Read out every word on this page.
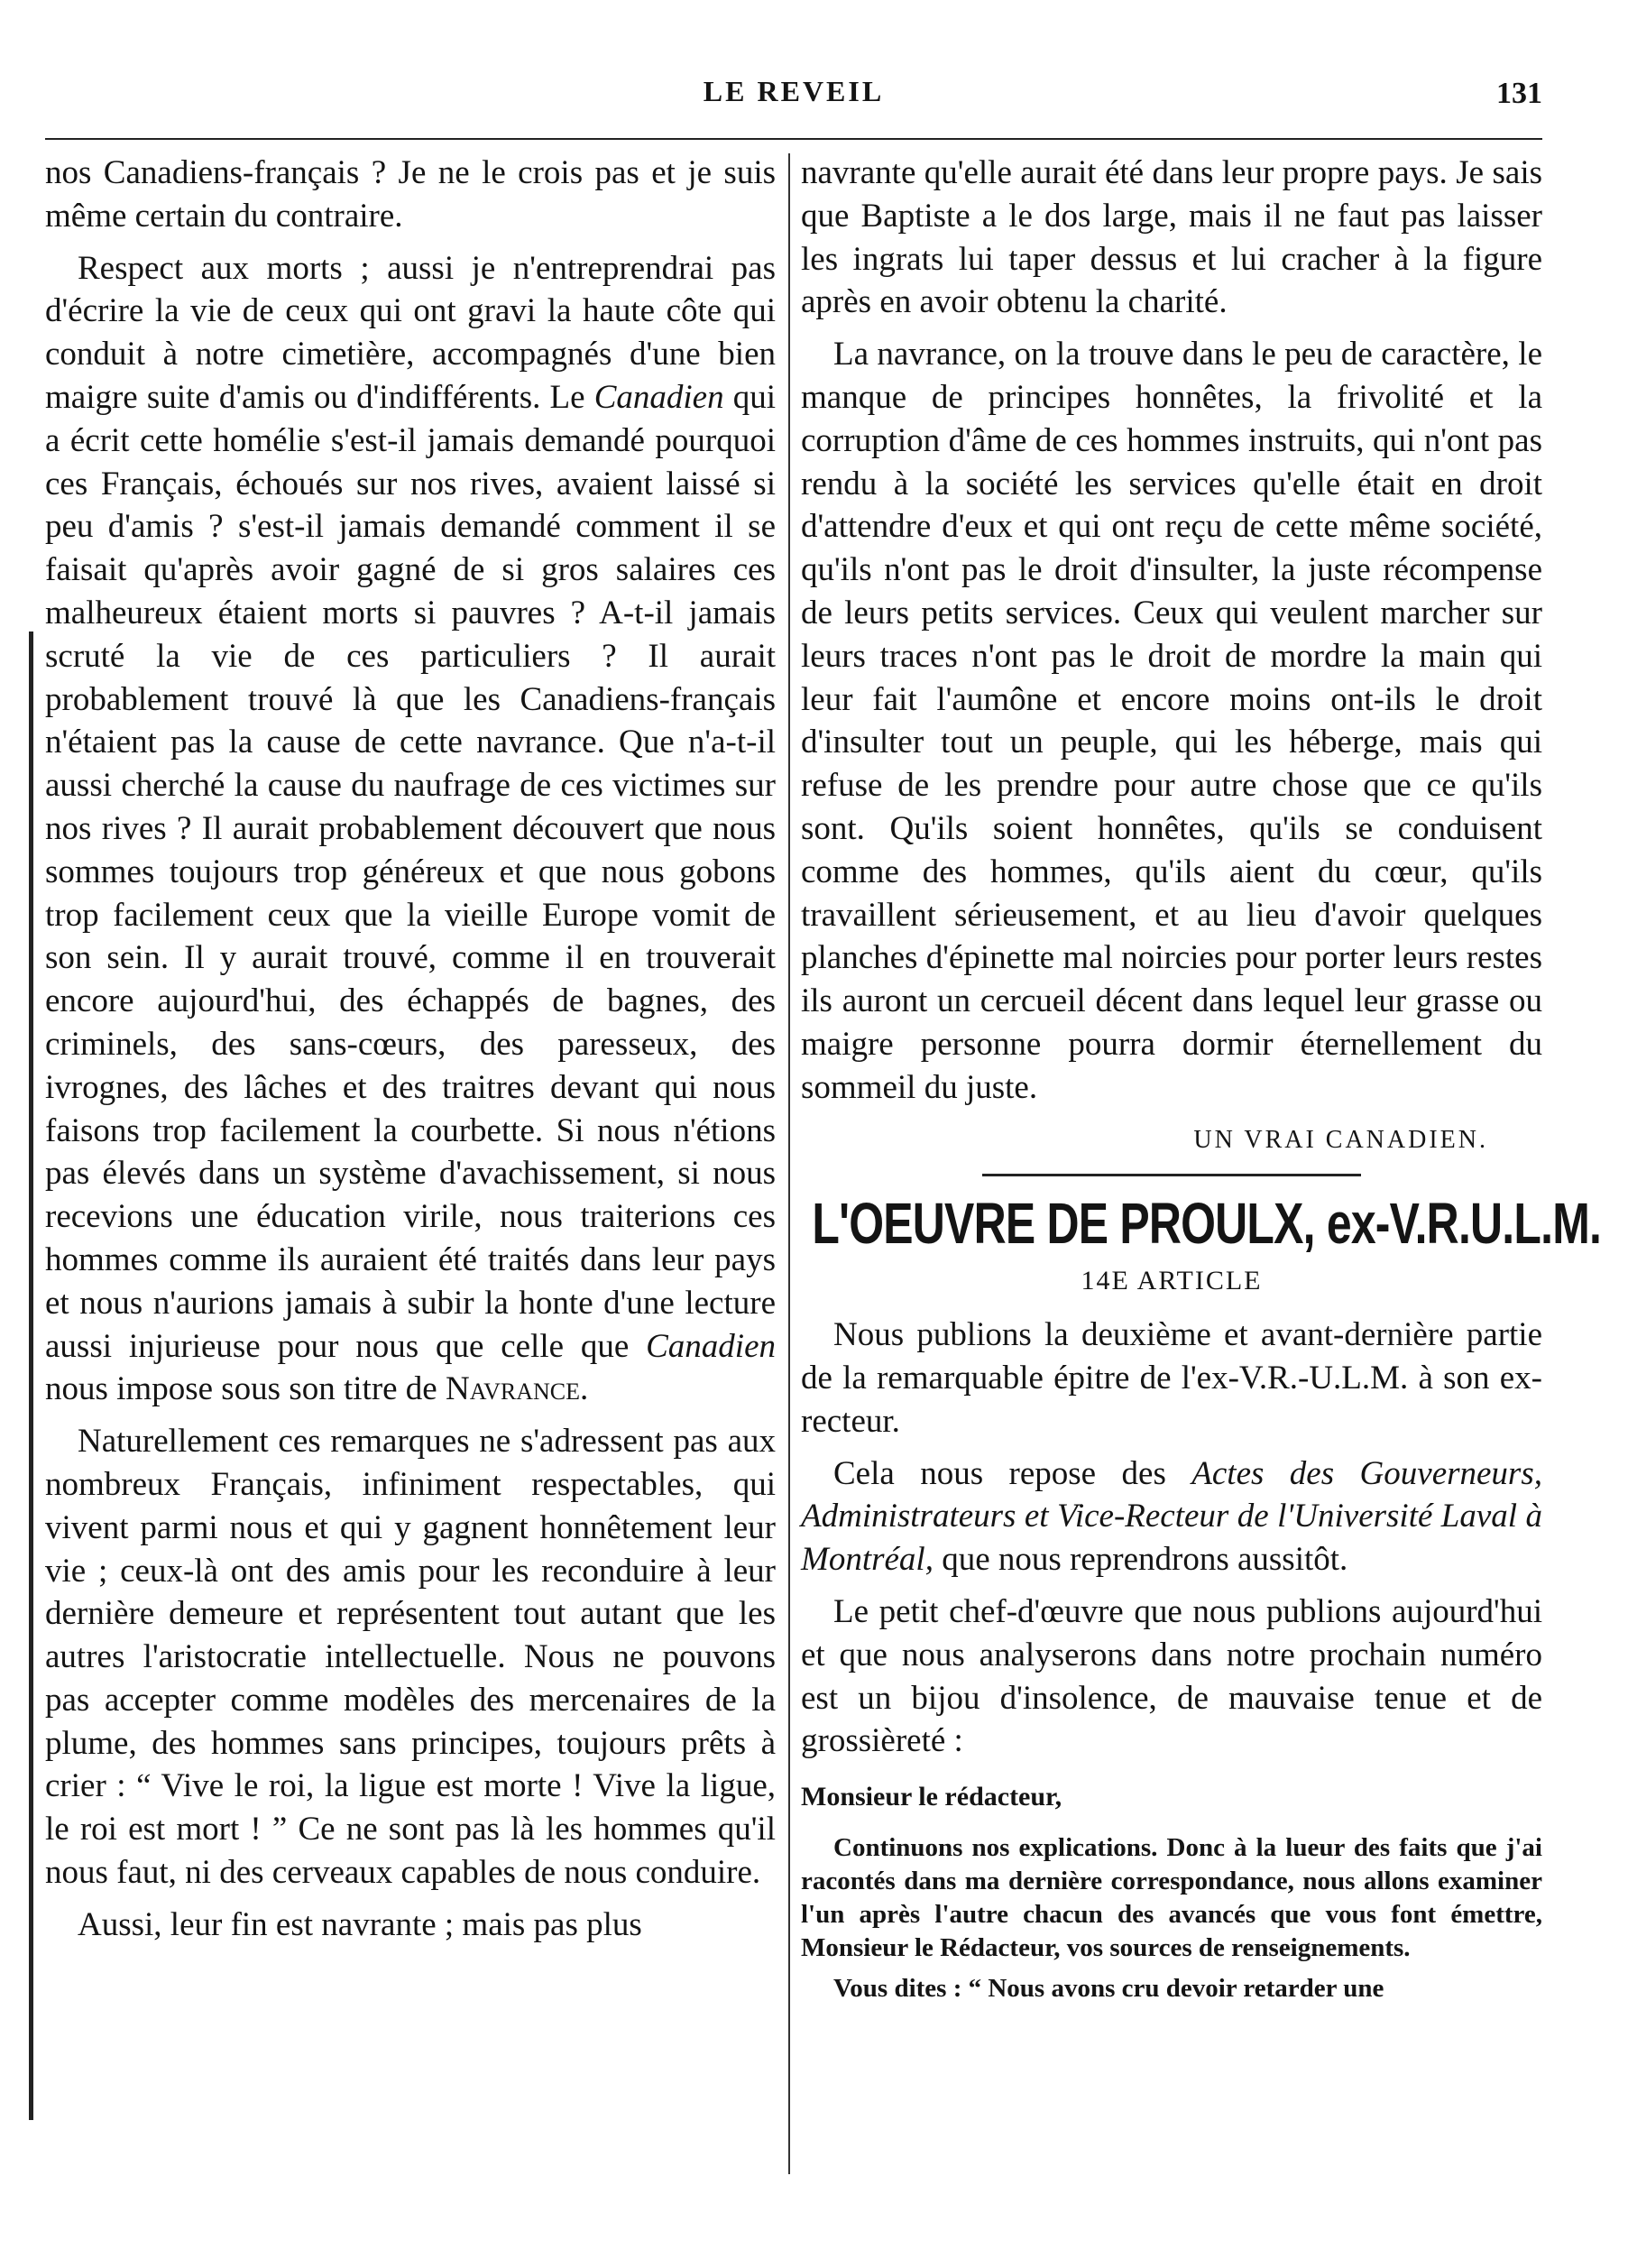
LE REVEIL	131

nos Canadiens-français ? Je ne le crois pas et je suis même certain du contraire.

Respect aux morts ; aussi je n'entreprendrai pas d'écrire la vie de ceux qui ont gravi la haute côte qui conduit à notre cimetière, accompagnés d'une bien maigre suite d'amis ou d'indifférents. Le Canadien qui a écrit cette homélie s'est-il jamais demandé pourquoi ces Français, échoués sur nos rives, avaient laissé si peu d'amis ? s'est-il jamais demandé comment il se faisait qu'après avoir gagné de si gros salaires ces malheureux étaient morts si pauvres ? A-t-il jamais scruté la vie de ces particuliers ? Il aurait probablement trouvé là que les Canadiens-français n'étaient pas la cause de cette navrance. Que n'a-t-il aussi cherché la cause du naufrage de ces victimes sur nos rives ? Il aurait probablement découvert que nous sommes toujours trop généreux et que nous gobons trop facilement ceux que la vieille Europe vomit de son sein. Il y aurait trouvé, comme il en trouverait encore aujourd'hui, des échappés de bagnes, des criminels, des sans-cœurs, des paresseux, des ivrognes, des lâches et des traitres devant qui nous faisons trop facilement la courbette. Si nous n'étions pas élevés dans un système d'avachissement, si nous recevions une éducation virile, nous traiterions ces hommes comme ils auraient été traités dans leur pays et nous n'aurions jamais à subir la honte d'une lecture aussi injurieuse pour nous que celle que Canadien nous impose sous son titre de Navrance.

Naturellement ces remarques ne s'adressent pas aux nombreux Français, infiniment respectables, qui vivent parmi nous et qui y gagnent honnêtement leur vie ; ceux-là ont des amis pour les reconduire à leur dernière demeure et représentent tout autant que les autres l'aristocratie intellectuelle. Nous ne pouvons pas accepter comme modèles des mercenaires de la plume, des hommes sans principes, toujours prêts à crier : “ Vive le roi, la ligue est morte ! Vive la ligue, le roi est mort ! ” Ce ne sont pas là les hommes qu'il nous faut, ni des cerveaux capables de nous conduire.

Aussi, leur fin est navrante ; mais pas plus

navrante qu'elle aurait été dans leur propre pays. Je sais que Baptiste a le dos large, mais il ne faut pas laisser les ingrats lui taper dessus et lui cracher à la figure après en avoir obtenu la charité.

La navrance, on la trouve dans le peu de caractère, le manque de principes honnêtes, la frivolité et la corruption d'âme de ces hommes instruits, qui n'ont pas rendu à la société les services qu'elle était en droit d'attendre d'eux et qui ont reçu de cette même société, qu'ils n'ont pas le droit d'insulter, la juste récompense de leurs petits services. Ceux qui veulent marcher sur leurs traces n'ont pas le droit de mordre la main qui leur fait l'aumône et encore moins ont-ils le droit d'insulter tout un peuple, qui les héberge, mais qui refuse de les prendre pour autre chose que ce qu'ils sont. Qu'ils soient honnêtes, qu'ils se conduisent comme des hommes, qu'ils aient du cœur, qu'ils travaillent sérieusement, et au lieu d'avoir quelques planches d'épinette mal noircies pour porter leurs restes ils auront un cercueil décent dans lequel leur grasse ou maigre personne pourra dormir éternellement du sommeil du juste.

UN VRAI CANADIEN.
L'OEUVRE DE PROULX, ex-V.R.U.L.M.
14E ARTICLE

Nous publions la deuxième et avant-dernière partie de la remarquable épitre de l'ex-V.R.-U.L.M. à son ex-recteur.

Cela nous repose des Actes des Gouverneurs, Administrateurs et Vice-Recteur de l'Université Laval à Montréal, que nous reprendrons aussitôt.

Le petit chef-d'œuvre que nous publions aujourd'hui et que nous analyserons dans notre prochain numéro est un bijou d'insolence, de mauvaise tenue et de grossièreté :

Monsieur le rédacteur,

Continuons nos explications. Donc à la lueur des faits que j'ai racontés dans ma dernière correspondance, nous allons examiner l'un après l'autre chacun des avancés que vous font émettre, Monsieur le Rédacteur, vos sources de renseignements.

Vous dites : “ Nous avons cru devoir retarder une
